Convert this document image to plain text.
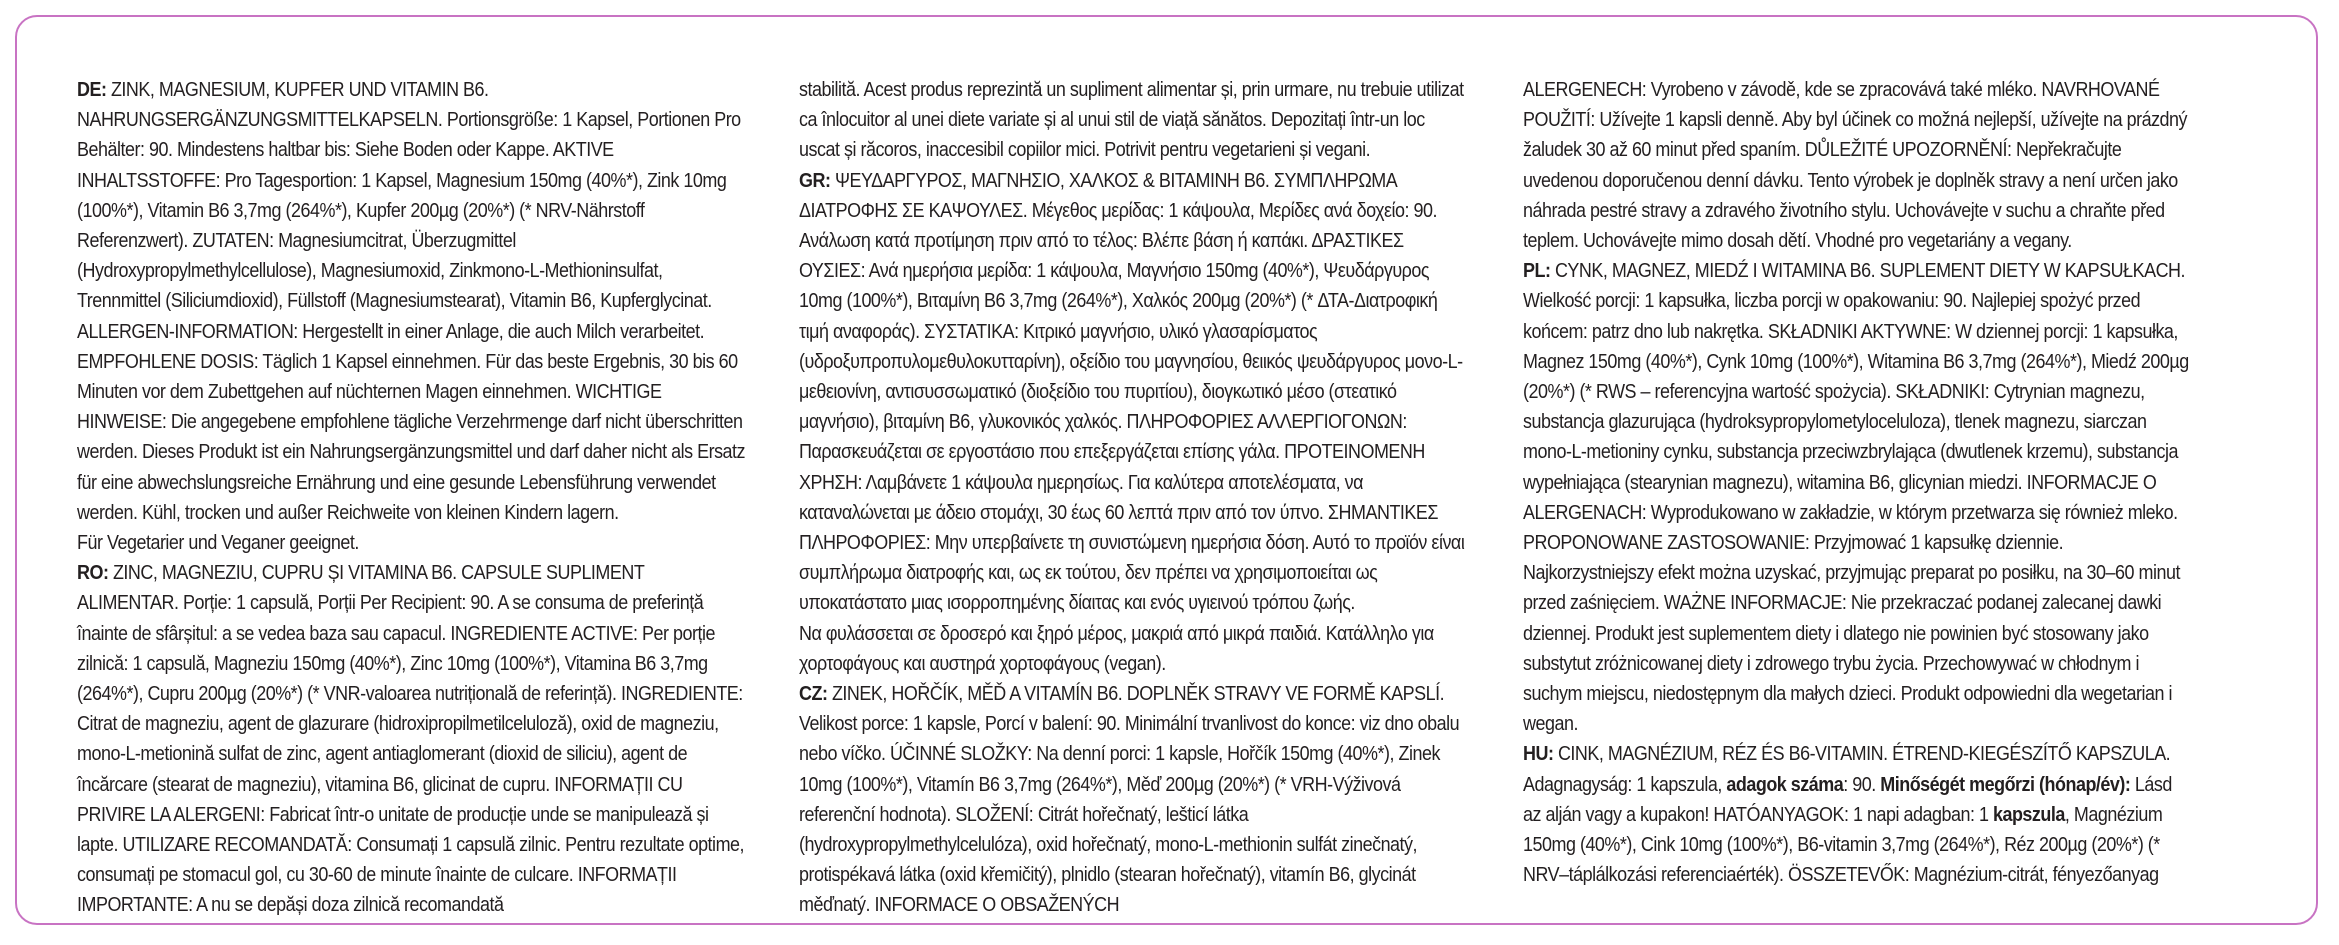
DE: ZINK, MAGNESIUM, KUPFER UND VITAMIN B6.
NAHRUNGSERGÄNZUNGSMITTELKAPSELN. Portionsgröße: 1 Kapsel, Portionen Pro Behälter: 90. Mindestens haltbar bis: Siehe Boden oder Kappe. AKTIVE INHALTSSTOFFE: Pro Tagesportion: 1 Kapsel, Magnesium 150mg (40%*), Zink 10mg (100%*), Vitamin B6 3,7mg (264%*), Kupfer 200µg (20%*) (* NRV-Nährstoff Referenzwert). ZUTATEN: Magnesiumcitrat, Überzugmittel (Hydroxypropylmethylcellulose), Magnesiumoxid, Zinkmono-L-Methioninsulfat, Trennmittel (Siliciumdioxid), Füllstoff (Magnesiumstearat), Vitamin B6, Kupferglycinat. ALLERGEN-INFORMATION: Hergestellt in einer Anlage, die auch Milch verarbeitet. EMPFOHLENE DOSIS: Täglich 1 Kapsel einnehmen. Für das beste Ergebnis, 30 bis 60 Minuten vor dem Zubettgehen auf nüchternen Magen einnehmen. WICHTIGE HINWEISE: Die angegebene empfohlene tägliche Verzehrmenge darf nicht überschritten werden. Dieses Produkt ist ein Nahrungsergänzungsmittel und darf daher nicht als Ersatz für eine abwechslungsreiche Ernährung und eine gesunde Lebensführung verwendet werden. Kühl, trocken und außer Reichweite von kleinen Kindern lagern.

Für Vegetarier und Veganer geeignet.

RO: ZINC, MAGNEZIU, CUPRU ȘI VITAMINA B6. CAPSULE SUPLIMENT ALIMENTAR. Porție: 1 capsulă, Porții Per Recipient: 90. A se consuma de preferință înainte de sfârșitul: a se vedea baza sau capacul. INGREDIENTE ACTIVE: Per porție zilnică: 1 capsulă, Magneziu 150mg (40%*), Zinc 10mg (100%*), Vitamina B6 3,7mg (264%*), Cupru 200µg (20%*) (* VNR-valoarea nutrițională de referință). INGREDIENTE: Citrat de magneziu, agent de glazurare (hidroxipropilmetilceluloză), oxid de magneziu, mono-L-metionină sulfat de zinc, agent antiaglomerant (dioxid de siliciu), agent de încărcare (stearat de magneziu), vitamina B6, glicinat de cupru. INFORMAȚII CU PRIVIRE LA ALERGENI: Fabricat într-o unitate de producție unde se manipulează și lapte. UTILIZARE RECOMANDATĂ: Consumați 1 capsulă zilnic. Pentru rezultate optime, consumați pe stomacul gol, cu 30-60 de minute înainte de culcare. INFORMAȚII IMPORTANTE: A nu se depăși doza zilnică recomandată

stabilită. Acest produs reprezintă un supliment alimentar și, prin urmare, nu trebuie utilizat ca înlocuitor al unei diete variate și al unui stil de viață sănătos. Depozitați într-un loc uscat și răcoros, inaccesibil copiilor mici. Potrivit pentru vegetarieni și vegani.

GR: ΨΕΥΔΑΡΓΥΡΟΣ, ΜΑΓΝΗΣΙΟ, ΧΑΛΚΟΣ & ΒΙΤΑΜΙΝΗ B6. ΣΥΜΠΛΗΡΩΜΑ ΔΙΑΤΡΟΦΗΣ ΣΕ ΚΑΨΟΥΛΕΣ. Μέγεθος μερίδας: 1 κάψουλα, Μερίδες ανά δοχείο: 90. Ανάλωση κατά προτίμηση πριν από το τέλος: Βλέπε βάση ή καπάκι. ΔΡΑΣΤΙΚΕΣ ΟΥΣΙΕΣ: Ανά ημερήσια μερίδα: 1 κάψουλα, Μαγνήσιο 150mg (40%*), Ψευδάργυρος 10mg (100%*), Βιταμίνη B6 3,7mg (264%*), Χαλκός 200µg (20%*) (* ΔΤΑ-Διατροφική τιμή αναφοράς). ΣΥΣΤΑΤΙΚΑ: Κιτρικό μαγνήσιο, υλικό γλασαρίσματος (υδροξυπροπυλομεθυλοκυτταρίνη), οξείδιο του μαγνησίου, θειικός ψευδάργυρος μονο-L-μεθειονίνη, αντισυσσωματικό (διοξείδιο του πυριτίου), διογκωτικό μέσο (στεατικό μαγνήσιο), βιταμίνη B6, γλυκονικός χαλκός. ΠΛΗΡΟΦΟΡΙΕΣ ΑΛΛΕΡΓΙΟΓΟΝΩΝ: Παρασκευάζεται σε εργοστάσιο που επεξεργάζεται επίσης γάλα. ΠΡΟΤΕΙΝΟΜΕΝΗ ΧΡΗΣΗ: Λαμβάνετε 1 κάψουλα ημερησίως. Για καλύτερα αποτελέσματα, να καταναλώνεται με άδειο στομάχι, 30 έως 60 λεπτά πριν από τον ύπνο. ΣΗΜΑΝΤΙΚΕΣ ΠΛΗΡΟΦΟΡΙΕΣ: Μην υπερβαίνετε τη συνιστώμενη ημερήσια δόση. Αυτό το προϊόν είναι συμπλήρωμα διατροφής και, ως εκ τούτου, δεν πρέπει να χρησιμοποιείται ως υποκατάστατο μιας ισορροπημένης δίαιτας και ενός υγιεινού τρόπου ζωής.

Να φυλάσσεται σε δροσερό και ξηρό μέρος, μακριά από μικρά παιδιά. Κατάλληλο για χορτοφάγους και αυστηρά χορτοφάγους (vegan).

CZ: ZINEK, HOŘČÍK, MĚĎ A VITAMÍN B6. DOPLNĚK STRAVY VE FORMĚ KAPSLÍ. Velikost porce: 1 kapsle, Porcí v balení: 90. Minimální trvanlivost do konce: viz dno obalu nebo víčko. ÚČINNÉ SLOŽKY: Na denní porci: 1 kapsle, Hořčík 150mg (40%*), Zinek 10mg (100%*), Vitamín B6 3,7mg (264%*), Měď 200µg (20%*) (* VRH-Výživová referenční hodnota). SLOŽENÍ: Citrát hořečnatý, lešticí látka (hydroxypropylmethylcelulóza), oxid hořečnatý, mono-L-methionin sulfát zinečnatý, protispékavá látka (oxid křemičitý), plnidlo (stearan hořečnatý), vitamín B6, glycinát měďnatý. INFORMACE O OBSAŽENÝCH

ALERGENECH: Vyrobeno v závodě, kde se zpracovává také mléko. NAVRHOVANÉ POUŽITÍ: Užívejte 1 kapsli denně. Aby byl účinek co možná nejlepší, užívejte na prázdný žaludek 30 až 60 minut před spaním. DŮLEŽITÉ UPOZORNĚNÍ: Nepřekračujte uvedenou doporučenou denní dávku. Tento výrobek je doplněk stravy a není určen jako náhrada pestré stravy a zdravého životního stylu. Uchovávejte v suchu a chraňte před teplem. Uchovávejte mimo dosah dětí. Vhodné pro vegetariány a vegany.

PL: CYNK, MAGNEZ, MIEDŹ I WITAMINA B6. SUPLEMENT DIETY W KAPSUŁKACH. Wielkość porcji: 1 kapsułka, liczba porcji w opakowaniu: 90. Najlepiej spożyć przed końcem: patrz dno lub nakrętka. SKŁADNIKI AKTYWNE: W dziennej porcji: 1 kapsułka, Magnez 150mg (40%*), Cynk 10mg (100%*), Witamina B6 3,7mg (264%*), Miedź 200µg (20%*) (* RWS – referencyjna wartość spożycia). SKŁADNIKI: Cytrynian magnezu, substancja glazurująca (hydroksypropylometyloceluloza), tlenek magnezu, siarczan mono-L-metioniny cynku, substancja przeciwzbrylająca (dwutlenek krzemu), substancja wypełniająca (stearynian magnezu), witamina B6, glicynian miedzi. INFORMACJE O ALERGENACH: Wyprodukowano w zakładzie, w którym przetwarza się również mleko. PROPONOWANE ZASTOSOWANIE: Przyjmować 1 kapsułkę dziennie. Najkorzystniejszy efekt można uzyskać, przyjmując preparat po posiłku, na 30–60 minut przed zaśnięciem. WAŻNE INFORMACJE: Nie przekraczać podanej zalecanej dawki dziennej. Produkt jest suplementem diety i dlatego nie powinien być stosowany jako substytut zróżnicowanej diety i zdrowego trybu życia. Przechowywać w chłodnym i suchym miejscu, niedostępnym dla małych dzieci. Produkt odpowiedni dla wegetarian i wegan.

HU: CINK, MAGNÉZIUM, RÉZ ÉS B6-VITAMIN. ÉTREND-KIEGÉSZÍTŐ KAPSZULA. Adagnagyság: 1 kapszula, adagok száma: 90. Minőségét megőrzi (hónap/év): Lásd az alján vagy a kupakon! HATÓANYAGOK: 1 napi adagban: 1 kapszula, Magnézium 150mg (40%*), Cink 10mg (100%*), B6-vitamin 3,7mg (264%*), Réz 200µg (20%*) (* NRV–táplálkozási referenciaérték). ÖSSZETEVŐK: Magnézium-citrát, fényezőanyag
